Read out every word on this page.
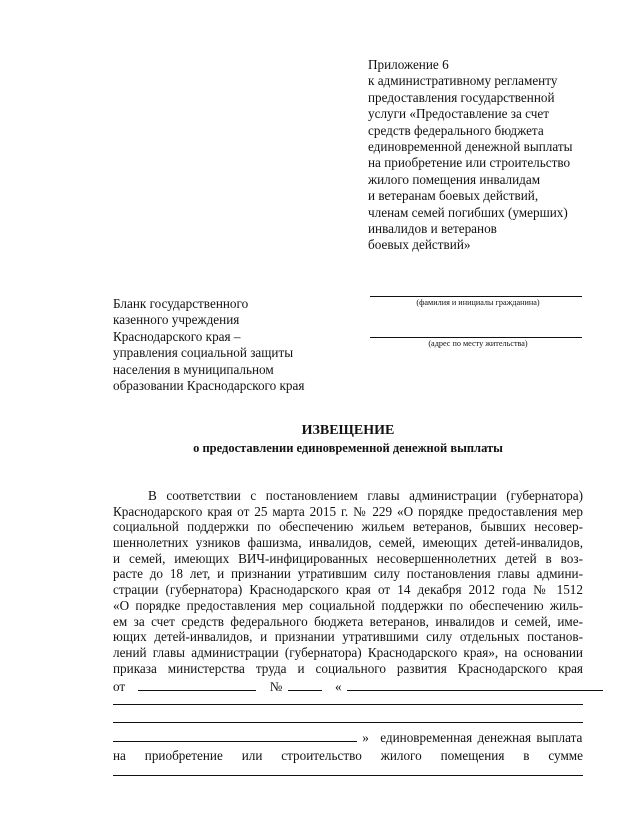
Приложение 6
к административному регламенту
предоставления государственной
услуги «Предоставление за счет
средств федерального бюджета
единовременной денежной выплаты
на приобретение или строительство
жилого помещения инвалидам
и ветеранам боевых действий,
членам семей погибших (умерших)
инвалидов и ветеранов
боевых действий»
Бланк государственного
казенного учреждения
Краснодарского края –
управления социальной защиты
населения в муниципальном
образовании Краснодарского края
(фамилия и инициалы гражданина)
(адрес по месту жительства)
ИЗВЕЩЕНИЕ
о предоставлении единовременной денежной выплаты
В соответствии с постановлением главы администрации (губернатора)
Краснодарского края от 25 марта 2015 г. № 229 «О порядке предоставления мер
социальной поддержки по обеспечению жильем ветеранов, бывших несовер-
шеннолетних узников фашизма, инвалидов, семей, имеющих детей-инвалидов,
и семей, имеющих ВИЧ-инфицированных несовершеннолетних детей в воз-
расте до 18 лет, и признании утратившим силу постановления главы админи-
страции (губернатора) Краснодарского края от 14 декабря 2012 года № 1512
«О порядке предоставления мер социальной поддержки по обеспечению жиль-
ем за счет средств федерального бюджета ветеранов, инвалидов и семей, име-
ющих детей-инвалидов, и признании утратившими силу отдельных постанов-
лений главы администрации (губернатора) Краснодарского края», на основании
приказа министерства труда и социального развития Краснодарского края
от	№	«
» единовременная денежная выплата
на приобретение или строительство жилого помещения в сумме
